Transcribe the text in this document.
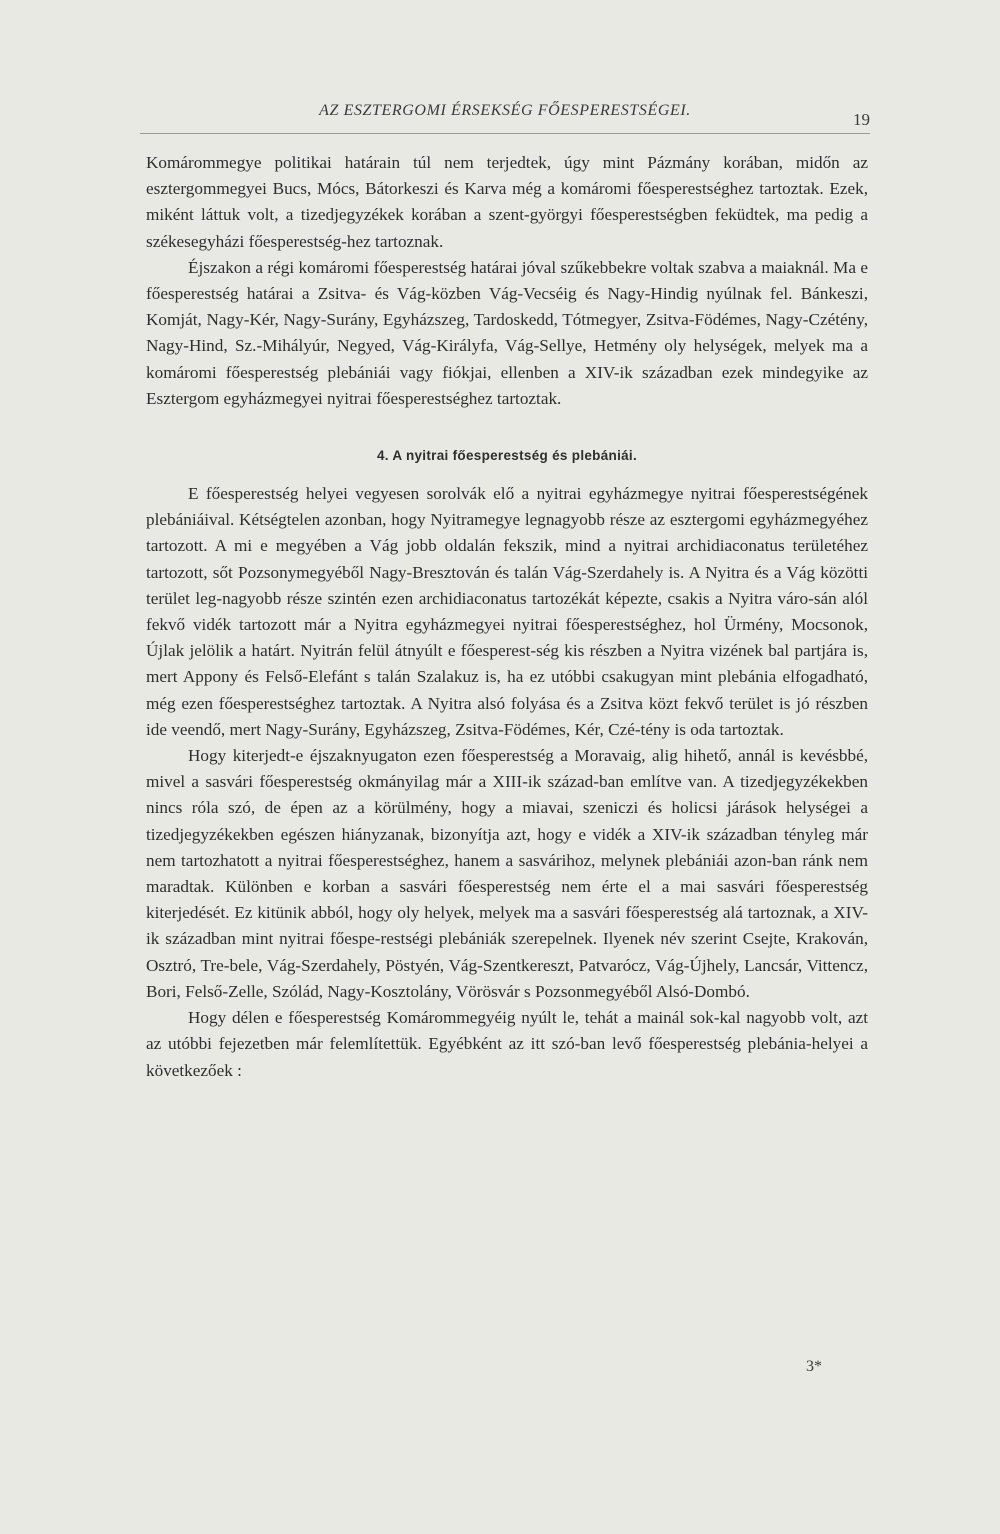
AZ ESZTERGOMI ÉRSEKSÉG FŐESPERESTSÉGEI.	19

Komárommegye politikai határain túl nem terjedtek, úgy mint Pázmány korában, midőn az esztergommegyei Bucs, Mócs, Bátorkeszi és Karva még a komáromi főesperestséghez tartoztak. Ezek, miként láttuk volt, a tizedjegyzékek korában a szent-györgyi főesperestségben feküdtek, ma pedig a székesegyházi főesperestség-hez tartoznak.

Éjszakon a régi komáromi főesperestség határai jóval szűkebbekre voltak szabva a maiaknál. Ma e főesperestség határai a Zsitva- és Vág-közben Vág-Vecséig és Nagy-Hindig nyúlnak fel. Bánkeszi, Komját, Nagy-Kér, Nagy-Surány, Egyházszeg, Tardoskedd, Tótmegyer, Zsitva-Födémes, Nagy-Czétény, Nagy-Hind, Sz.-Mihályúr, Negyed, Vág-Királyfa, Vág-Sellye, Hetmény oly helységek, melyek ma a komáromi főesperestség plebániái vagy fiókjai, ellenben a XIV-ik században ezek mindegyike az Esztergom egyházmegyei nyitrai főesperestséghez tartoztak.

4. A nyitrai főesperestség és plebániái.

E főesperestség helyei vegyesen sorolvák elő a nyitrai egyházmegye nyitrai főesperestségének plebániáival. Kétségtelen azonban, hogy Nyitramegye legnagyobb része az esztergomi egyházmegyéhez tartozott. A mi e megyében a Vág jobb oldalán fekszik, mind a nyitrai archidiaconatus területéhez tartozott, sőt Pozsonymegyéből Nagy-Bresztován és talán Vág-Szerdahely is. A Nyitra és a Vág közötti terület leg-nagyobb része szintén ezen archidiaconatus tartozékát képezte, csakis a Nyitra váro-sán alól fekvő vidék tartozott már a Nyitra egyházmegyei nyitrai főesperestséghez, hol Ürmény, Mocsonok, Újlak jelölik a határt. Nyitrán felül átnyúlt e főesperest-ség kis részben a Nyitra vizének bal partjára is, mert Appony és Felső-Elefánt s talán Szalakuz is, ha ez utóbbi csakugyan mint plebánia elfogadható, még ezen főesperestséghez tartoztak. A Nyitra alsó folyása és a Zsitva közt fekvő terület is jó részben ide veendő, mert Nagy-Surány, Egyházszeg, Zsitva-Födémes, Kér, Czé-tény is oda tartoztak.

Hogy kiterjedt-e éjszaknyugaton ezen főesperestség a Moravaig, alig hihető, annál is kevésbbé, mivel a sasvári főesperestség okmányilag már a XIII-ik század-ban említve van. A tizedjegyzékekben nincs róla szó, de épen az a körülmény, hogy a miavai, szeniczi és holicsi járások helységei a tizedjegyzékekben egészen hiányzanak, bizonyítja azt, hogy e vidék a XIV-ik században tényleg már nem tartozhatott a nyitrai főesperestséghez, hanem a sasvárihoz, melynek plebániái azon-ban ránk nem maradtak. Különben e korban a sasvári főesperestség nem érte el a mai sasvári főesperestség kiterjedését. Ez kitünik abból, hogy oly helyek, melyek ma a sasvári főesperestség alá tartoznak, a XIV-ik században mint nyitrai főespe-restségi plebániák szerepelnek. Ilyenek név szerint Csejte, Krakován, Osztró, Tre-bele, Vág-Szerdahely, Pöstyén, Vág-Szentkereszt, Patvarócz, Vág-Újhely, Lancsár, Vittencz, Bori, Felső-Zelle, Szólád, Nagy-Kosztolány, Vörösvár s Pozsonmegyéből Alsó-Dombó.

Hogy délen e főesperestség Komárommegyéig nyúlt le, tehát a mainál sok-kal nagyobb volt, azt az utóbbi fejezetben már felemlítettük. Egyébként az itt szó-ban levő főesperestség plebánia-helyei a következőek :

3*
